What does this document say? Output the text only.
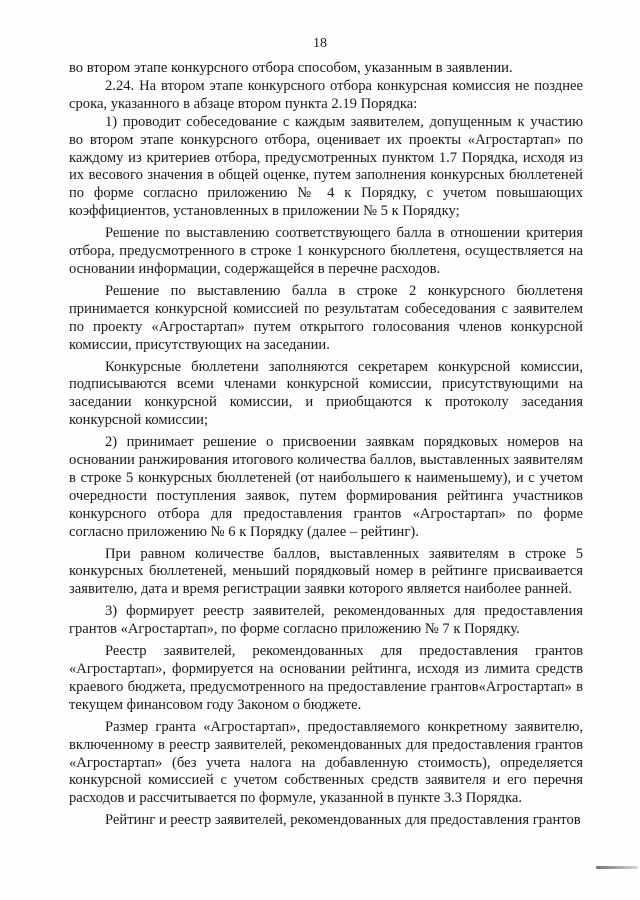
18

во втором этапе конкурсного отбора способом, указанным в заявлении.

2.24. На втором этапе конкурсного отбора конкурсная комиссия не позднее срока, указанного в абзаце втором пункта 2.19 Порядка:

1) проводит собеседование с каждым заявителем, допущенным к участию во втором этапе конкурсного отбора, оценивает их проекты «Агростартап» по каждому из критериев отбора, предусмотренных пунктом 1.7 Порядка, исходя из их весового значения в общей оценке, путем заполнения конкурсных бюллетеней по форме согласно приложению № 4 к Порядку, с учетом повышающих коэффициентов, установленных в приложении № 5 к Порядку;

Решение по выставлению соответствующего балла в отношении критерия отбора, предусмотренного в строке 1 конкурсного бюллетеня, осуществляется на основании информации, содержащейся в перечне расходов.

Решение по выставлению балла в строке 2 конкурсного бюллетеня принимается конкурсной комиссией по результатам собеседования с заявителем по проекту «Агростартап» путем открытого голосования членов конкурсной комиссии, присутствующих на заседании.

Конкурсные бюллетени заполняются секретарем конкурсной комиссии, подписываются всеми членами конкурсной комиссии, присутствующими на заседании конкурсной комиссии, и приобщаются к протоколу заседания конкурсной комиссии;

2) принимает решение о присвоении заявкам порядковых номеров на основании ранжирования итогового количества баллов, выставленных заявителям в строке 5 конкурсных бюллетеней (от наибольшего к наименьшему), и с учетом очередности поступления заявок, путем формирования рейтинга участников конкурсного отбора для предоставления грантов «Агростартап» по форме согласно приложению № 6 к Порядку (далее – рейтинг).

При равном количестве баллов, выставленных заявителям в строке 5 конкурсных бюллетеней, меньший порядковый номер в рейтинге присваивается заявителю, дата и время регистрации заявки которого является наиболее ранней.

3) формирует реестр заявителей, рекомендованных для предоставления грантов «Агростартап», по форме согласно приложению № 7 к Порядку.

Реестр заявителей, рекомендованных для предоставления грантов «Агростартап», формируется на основании рейтинга, исходя из лимита средств краевого бюджета, предусмотренного на предоставление грантов«Агростартап» в текущем финансовом году Законом о бюджете.

Размер гранта «Агростартап», предоставляемого конкретному заявителю, включенному в реестр заявителей, рекомендованных для предоставления грантов «Агростартап» (без учета налога на добавленную стоимость), определяется конкурсной комиссией с учетом собственных средств заявителя и его перечня расходов и рассчитывается по формуле, указанной в пункте 3.3 Порядка.

Рейтинг и реестр заявителей, рекомендованных для предоставления грантов
